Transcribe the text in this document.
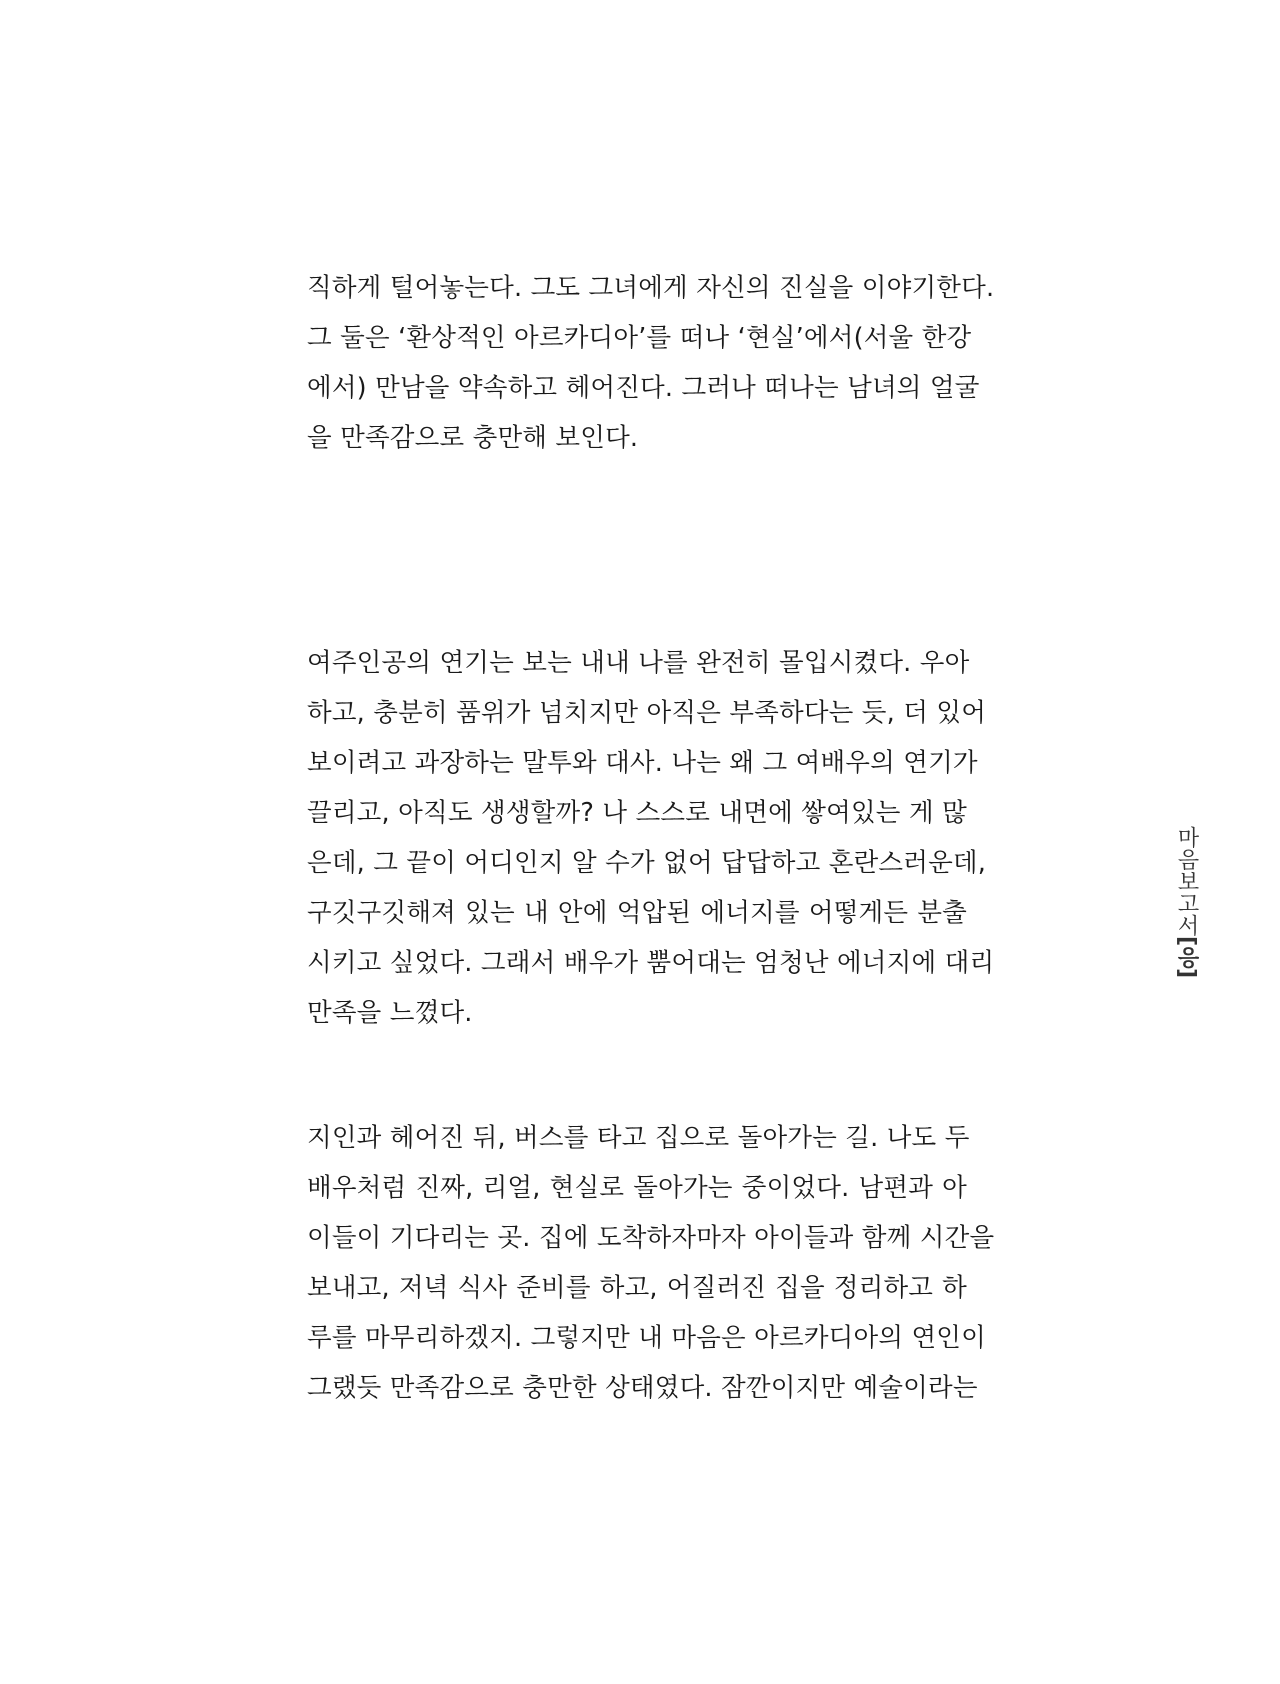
직하게 털어놓는다. 그도 그녀에게 자신의 진실을 이야기한다.
그 둘은 ‘환상적인 아르카디아’를 떠나 ‘현실’에서(서울 한강
에서) 만남을 약속하고 헤어진다. 그러나 떠나는 남녀의 얼굴
을 만족감으로 충만해 보인다.
여주인공의 연기는 보는 내내 나를 완전히 몰입시켰다. 우아
하고, 충분히 품위가 넘치지만 아직은 부족하다는 듯, 더 있어
보이려고 과장하는 말투와 대사. 나는 왜 그 여배우의 연기가
끌리고, 아직도 생생할까? 나 스스로 내면에 쌓여있는 게 많
은데, 그 끝이 어디인지 알 수가 없어 답답하고 혼란스러운데,
구깃구깃해져 있는 내 안에 억압된 에너지를 어떻게든 분출
시키고 싶었다. 그래서 배우가 뿜어대는 엄청난 에너지에 대리
만족을 느꼈다.
지인과 헤어진 뒤, 버스를 타고 집으로 돌아가는 길. 나도 두
배우처럼 진짜, 리얼, 현실로 돌아가는 중이었다. 남편과 아
이들이 기다리는 곳. 집에 도착하자마자 아이들과 함께 시간을
보내고, 저녁 식사 준비를 하고, 어질러진 집을 정리하고 하
루를 마무리하겠지. 그렇지만 내 마음은 아르카디아의 연인이
그랬듯 만족감으로 충만한 상태였다. 잠깐이지만 예술이라는
마음보고서[응]
